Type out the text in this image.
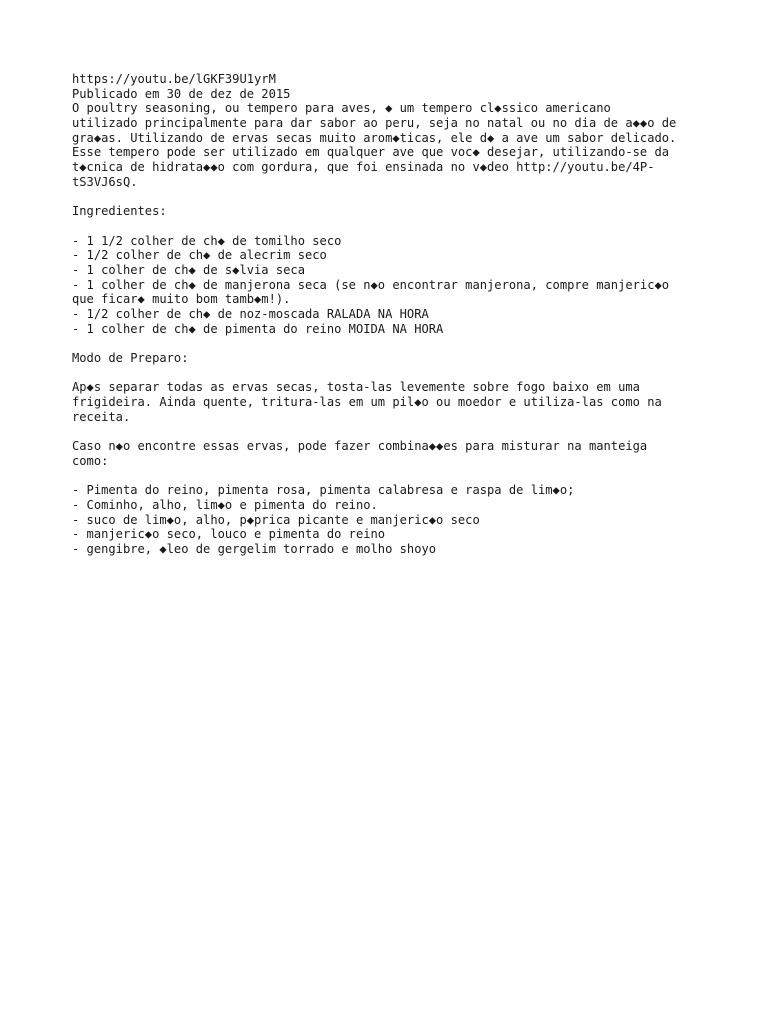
https://youtu.be/lGKF39U1yrM
Publicado em 30 de dez de 2015
O poultry seasoning, ou tempero para aves, ◆ um tempero cl◆ssico americano
utilizado principalmente para dar sabor ao peru, seja no natal ou no dia de a◆◆o de
gra◆as. Utilizando de ervas secas muito arom◆ticas, ele d◆ a ave um sabor delicado.
Esse tempero pode ser utilizado em qualquer ave que voc◆ desejar, utilizando-se da
t◆cnica de hidrata◆◆o com gordura, que foi ensinada no v◆deo http://youtu.be/4P-
tS3VJ6sQ.
Ingredientes:
- 1 1/2 colher de ch◆ de tomilho seco
- 1/2 colher de ch◆ de alecrim seco
- 1 colher de ch◆ de s◆lvia seca
- 1 colher de ch◆ de manjerona seca (se n◆o encontrar manjerona, compre manjeric◆o
que ficar◆ muito bom tamb◆m!).
- 1/2 colher de ch◆ de noz-moscada RALADA NA HORA
- 1 colher de ch◆ de pimenta do reino MOIDA NA HORA
Modo de Preparo:
Ap◆s separar todas as ervas secas, tosta-las levemente sobre fogo baixo em uma
frigideira. Ainda quente, tritura-las em um pil◆o ou moedor e utiliza-las como na
receita.
Caso n◆o encontre essas ervas, pode fazer combina◆◆es para misturar na manteiga
como:
- Pimenta do reino, pimenta rosa, pimenta calabresa e raspa de lim◆o;
- Cominho, alho, lim◆o e pimenta do reino.
- suco de lim◆o, alho, p◆prica picante e manjeric◆o seco
- manjeric◆o seco, louco e pimenta do reino
- gengibre, ◆leo de gergelim torrado e molho shoyo
